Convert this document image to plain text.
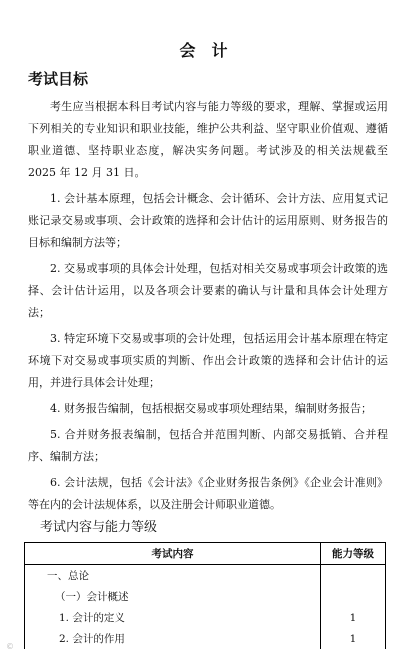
会　计
考试目标

考生应当根据本科目考试内容与能力等级的要求，理解、掌握或运用下列相关的专业知识和职业技能，维护公共利益、坚守职业价值观、遵循职业道德、坚持职业态度，解决实务问题。考试涉及的相关法规截至 2025 年 12 月 31 日。

1. 会计基本原理，包括会计概念、会计循环、会计方法、应用复式记账记录交易或事项、会计政策的选择和会计估计的运用原则、财务报告的目标和编制方法等；

2. 交易或事项的具体会计处理，包括对相关交易或事项会计政策的选择、会计估计运用，以及各项会计要素的确认与计量和具体会计处理方法；

3. 特定环境下交易或事项的会计处理，包括运用会计基本原理在特定环境下对交易或事项实质的判断、作出会计政策的选择和会计估计的运用，并进行具体会计处理；

4. 财务报告编制，包括根据交易或事项处理结果，编制财务报告；

5. 合并财务报表编制，包括合并范围判断、内部交易抵销、合并程序、编制方法；

6. 会计法规，包括《会计法》《企业财务报告条例》《企业会计准则》等在内的会计法规体系，以及注册会计师职业道德。

考试内容与能力等级
考试内容	能力等级
一、总论	
（一）会计概述	
1. 会计的定义	1
2. 会计的作用	1
©
